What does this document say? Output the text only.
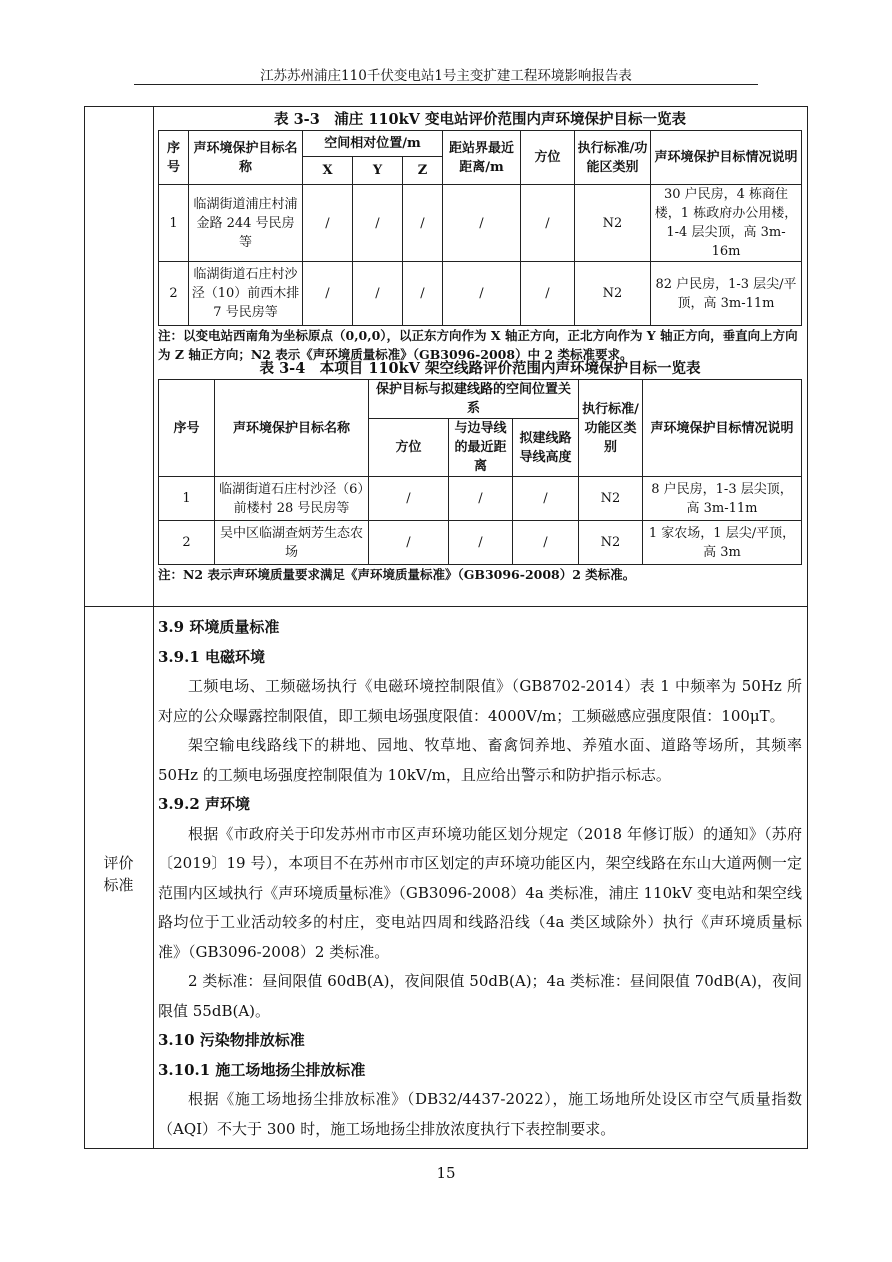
江苏苏州浦庄110千伏变电站1号主变扩建工程环境影响报告表
评价标准
表 3-3　浦庄 110kV 变电站评价范围内声环境保护目标一览表
序号	声环境保护目标名称	空间相对位置/m			距站界最近距离/m	方位	执行标准/功能区类别	声环境保护目标情况说明
		X	Y	Z				
1	临湖街道浦庄村浦金路 244 号民房等	/	/	/	/	/	N2	30 户民房，4 栋商住楼，1 栋政府办公用楼，1-4 层尖顶，高 3m-16m
2	临湖街道石庄村沙泾（10）前西木排 7 号民房等	/	/	/	/	/	N2	82 户民房，1-3 层尖/平顶，高 3m-11m
注：以变电站西南角为坐标原点（0,0,0），以正东方向作为 X 轴正方向，正北方向作为 Y 轴正方向，垂直向上方向为 Z 轴正方向；N2 表示《声环境质量标准》（GB3096-2008）中 2 类标准要求。
表 3-4　本项目 110kV 架空线路评价范围内声环境保护目标一览表
序号	声环境保护目标名称	保护目标与拟建线路的空间位置关系			执行标准/功能区类别	声环境保护目标情况说明
		方位	与边导线的最近距离	拟建线路导线高度		
1	临湖街道石庄村沙泾（6）前楼村 28 号民房等	/	/	/	N2	8 户民房，1-3 层尖顶，高 3m-11m
2	吴中区临湖查炳芳生态农场	/	/	/	N2	1 家农场，1 层尖/平顶，高 3m
注：N2 表示声环境质量要求满足《声环境质量标准》（GB3096-2008）2 类标准。
3.9 环境质量标准
3.9.1 电磁环境

工频电场、工频磁场执行《电磁环境控制限值》（GB8702-2014）表 1 中频率为 50Hz 所对应的公众曝露控制限值，即工频电场强度限值：4000V/m；工频磁感应强度限值：100μT。

架空输电线路线下的耕地、园地、牧草地、畜禽饲养地、养殖水面、道路等场所，其频率 50Hz 的工频电场强度控制限值为 10kV/m，且应给出警示和防护指示标志。

3.9.2 声环境

根据《市政府关于印发苏州市市区声环境功能区划分规定（2018 年修订版）的通知》（苏府〔2019〕19 号），本项目不在苏州市市区划定的声环境功能区内，架空线路在东山大道两侧一定范围内区域执行《声环境质量标准》（GB3096-2008）4a 类标准，浦庄 110kV 变电站和架空线路均位于工业活动较多的村庄，变电站四周和线路沿线（4a 类区域除外）执行《声环境质量标准》（GB3096-2008）2 类标准。

2 类标准：昼间限值 60dB(A)，夜间限值 50dB(A)；4a 类标准：昼间限值 70dB(A)，夜间限值 55dB(A)。

3.10 污染物排放标准
3.10.1 施工场地扬尘排放标准

根据《施工场地扬尘排放标准》（DB32/4437-2022），施工场地所处设区市空气质量指数（AQI）不大于 300 时，施工场地扬尘排放浓度执行下表控制要求。

15
